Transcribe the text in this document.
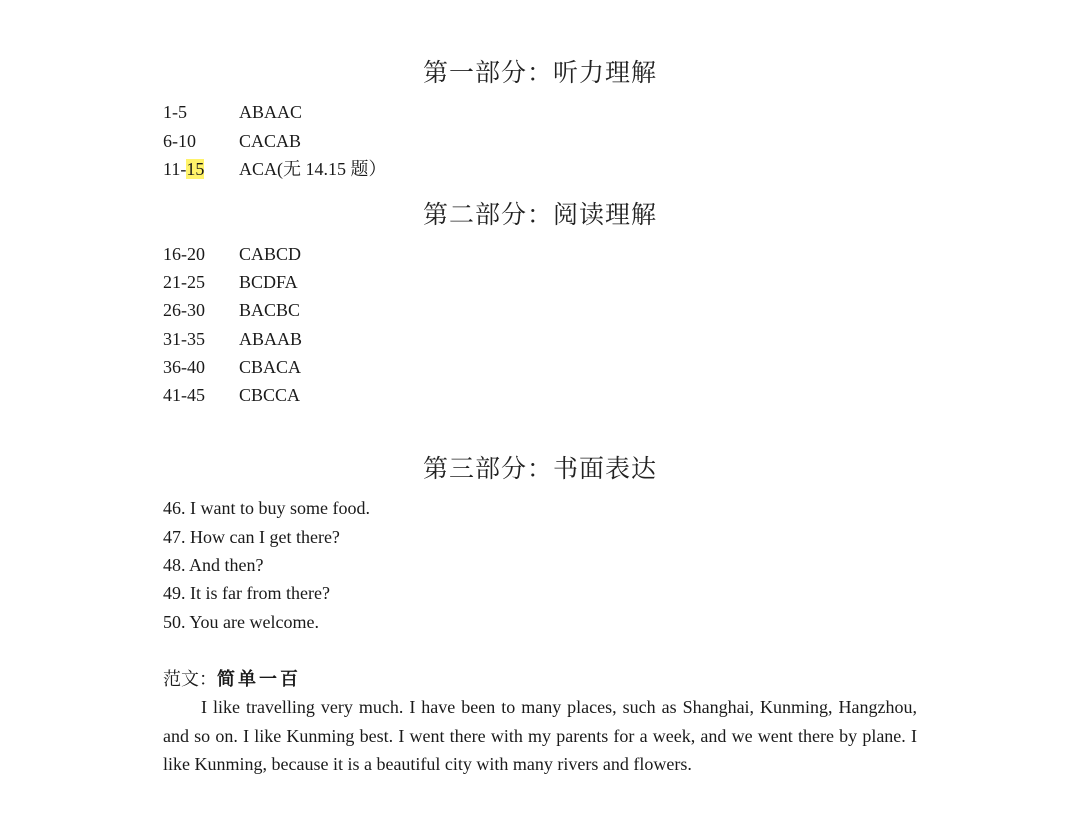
第一部分：听力理解
1-5	ABAAC
6-10 CACAB
11-15 ACA(无 14.15 题）
第二部分：阅读理解
16-20 CABCD
21-25 BCDFA
26-30 BACBC
31-35 ABAAB
36-40 CBACA
41-45 CBCCA
第三部分：书面表达
46. I want to buy some food.
47. How can I get there?
48. And then?
49. It is far from there?
50. You are welcome.
范文：简单一百
I like travelling very much. I have been to many places, such as Shanghai, Kunming, Hangzhou, and so on. I like Kunming best. I went there with my parents for a week, and we went there by plane. I like Kunming, because it is a beautiful city with many rivers and flowers.
